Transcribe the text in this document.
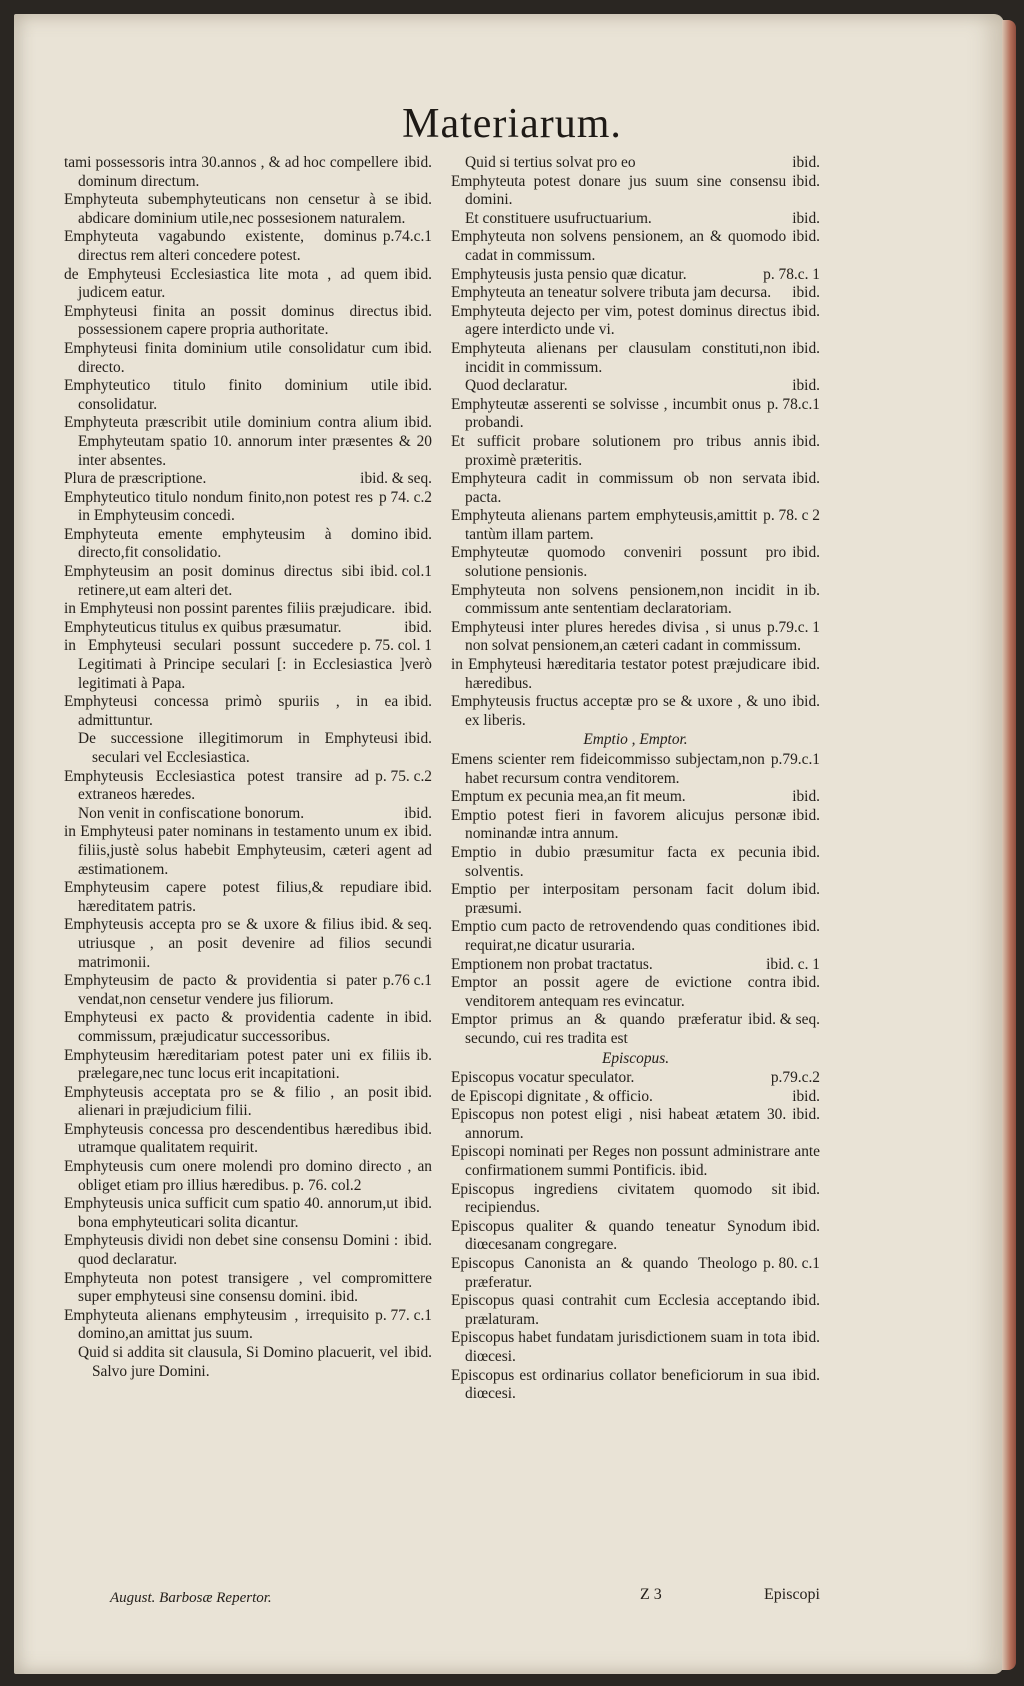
Materiarum.

ibid.
tami possessoris intra 30.annos , & ad hoc compellere dominum directum.

ibid.
Emphyteuta subemphyteuticans non censetur à se abdicare dominium utile,nec possesionem naturalem.

p.74.c.1
Emphyteuta vagabundo existente, dominus directus rem alteri concedere potest.

ibid.
de Emphyteusi Ecclesiastica lite mota , ad quem judicem eatur.

ibid.
Emphyteusi finita an possit dominus directus possessionem capere propria authoritate.

ibid.
Emphyteusi finita dominium utile consolidatur cum directo.

ibid.
Emphyteutico titulo finito dominium utile consolidatur.

ibid.
Emphyteuta præscribit utile dominium contra alium Emphyteutam spatio 10. annorum inter præsentes & 20 inter absentes.

ibid. & seq.
Plura de præscriptione.

p 74. c.2
Emphyteutico titulo nondum finito,non potest res in Emphyteusim concedi.

ibid.
Emphyteuta emente emphyteusim à domino directo,fit consolidatio.

ibid. col.1
Emphyteusim an posit dominus directus sibi retinere,ut eam alteri det.

ibid.
in Emphyteusi non possint parentes filiis præjudicare.

ibid.
Emphyteuticus titulus ex quibus præsumatur.

p. 75. col. 1
in Emphyteusi seculari possunt succedere Legitimati à Principe seculari [: in Ecclesiastica ]verò legitimati à Papa.

ibid.
Emphyteusi concessa primò spuriis , in ea admittuntur.

ibid.
De successione illegitimorum in Emphyteusi seculari vel Ecclesiastica.

p. 75. c.2
Emphyteusis Ecclesiastica potest transire ad extraneos hæredes.

ibid.
Non venit in confiscatione bonorum.

ibid.
in Emphyteusi pater nominans in testamento unum ex filiis,justè solus habebit Emphyteusim, cæteri agent ad æstimationem.

ibid.
Emphyteusim capere potest filius,& repudiare hæreditatem patris.

ibid. & seq.
Emphyteusis accepta pro se & uxore & filius utriusque , an posit devenire ad filios secundi matrimonii.

p.76 c.1
Emphyteusim de pacto & providentia si pater vendat,non censetur vendere jus filiorum.

ibid.
Emphyteusi ex pacto & providentia cadente in commissum, præjudicatur successoribus.

ib.
Emphyteusim hæreditariam potest pater uni ex filiis prælegare,nec tunc locus erit incapitationi.

ibid.
Emphyteusis acceptata pro se & filio , an posit alienari in præjudicium filii.

ibid.
Emphyteusis concessa pro descendentibus hæredibus utramque qualitatem requirit.

Emphyteusis cum onere molendi pro domino directo , an obliget etiam pro illius hæredibus. p. 76. col.2

ibid.
Emphyteusis unica sufficit cum spatio 40. annorum,ut bona emphyteuticari solita dicantur.

ibid.
Emphyteusis dividi non debet sine consensu Domini : quod declaratur.

Emphyteuta non potest transigere , vel compromittere super emphyteusi sine consensu domini. ibid.

p. 77. c.1
Emphyteuta alienans emphyteusim , irrequisito domino,an amittat jus suum.

ibid.
Quid si addita sit clausula, Si Domino placuerit, vel Salvo jure Domini.

ibid.
Quid si tertius solvat pro eo

ibid.
Emphyteuta potest donare jus suum sine consensu domini.

ibid.
Et constituere usufructuarium.

ibid.
Emphyteuta non solvens pensionem, an & quomodo cadat in commissum.

p. 78.c. 1
Emphyteusis justa pensio quæ dicatur.

ibid.
Emphyteuta an teneatur solvere tributa jam decursa.

ibid.
Emphyteuta dejecto per vim, potest dominus directus agere interdicto unde vi.

ibid.
Emphyteuta alienans per clausulam constituti,non incidit in commissum.

ibid.
Quod declaratur.

p. 78.c.1
Emphyteutæ asserenti se solvisse , incumbit onus probandi.

ibid.
Et sufficit probare solutionem pro tribus annis proximè præteritis.

ibid.
Emphyteura cadit in commissum ob non servata pacta.

p. 78. c 2
Emphyteuta alienans partem emphyteusis,amittit tantùm illam partem.

ibid.
Emphyteutæ quomodo conveniri possunt pro solutione pensionis.

ib.
Emphyteuta non solvens pensionem,non incidit in commissum ante sententiam declaratoriam.

p.79.c. 1
Emphyteusi inter plures heredes divisa , si unus non solvat pensionem,an cæteri cadant in commissum.

ibid.
in Emphyteusi hæreditaria testator potest præjudicare hæredibus.

ibid.
Emphyteusis fructus acceptæ pro se & uxore , & uno ex liberis.

Emptio , Emptor.

p.79.c.1
Emens scienter rem fideicommisso subjectam,non habet recursum contra venditorem.

ibid.
Emptum ex pecunia mea,an fit meum.

ibid.
Emptio potest fieri in favorem alicujus personæ nominandæ intra annum.

ibid.
Emptio in dubio præsumitur facta ex pecunia solventis.

ibid.
Emptio per interpositam personam facit dolum præsumi.

ibid.
Emptio cum pacto de retrovendendo quas conditiones requirat,ne dicatur usuraria.

ibid. c. 1
Emptionem non probat tractatus.

ibid.
Emptor an possit agere de evictione contra venditorem antequam res evincatur.

ibid. & seq.
Emptor primus an & quando præferatur secundo, cui res tradita est

Episcopus.

p.79.c.2
Episcopus vocatur speculator.

ibid.
de Episcopi dignitate , & officio.

ibid.
Episcopus non potest eligi , nisi habeat ætatem 30. annorum.

Episcopi nominati per Reges non possunt administrare ante confirmationem summi Pontificis. ibid.

ibid.
Episcopus ingrediens civitatem quomodo sit recipiendus.

ibid.
Episcopus qualiter & quando teneatur Synodum diœcesanam congregare.

p. 80. c.1
Episcopus Canonista an & quando Theologo præferatur.

ibid.
Episcopus quasi contrahit cum Ecclesia acceptando prælaturam.

ibid.
Episcopus habet fundatam jurisdictionem suam in tota diœcesi.

ibid.
Episcopus est ordinarius collator beneficiorum in sua diœcesi.

August. Barbosæ Repertor.	Z 3	Episcopi
